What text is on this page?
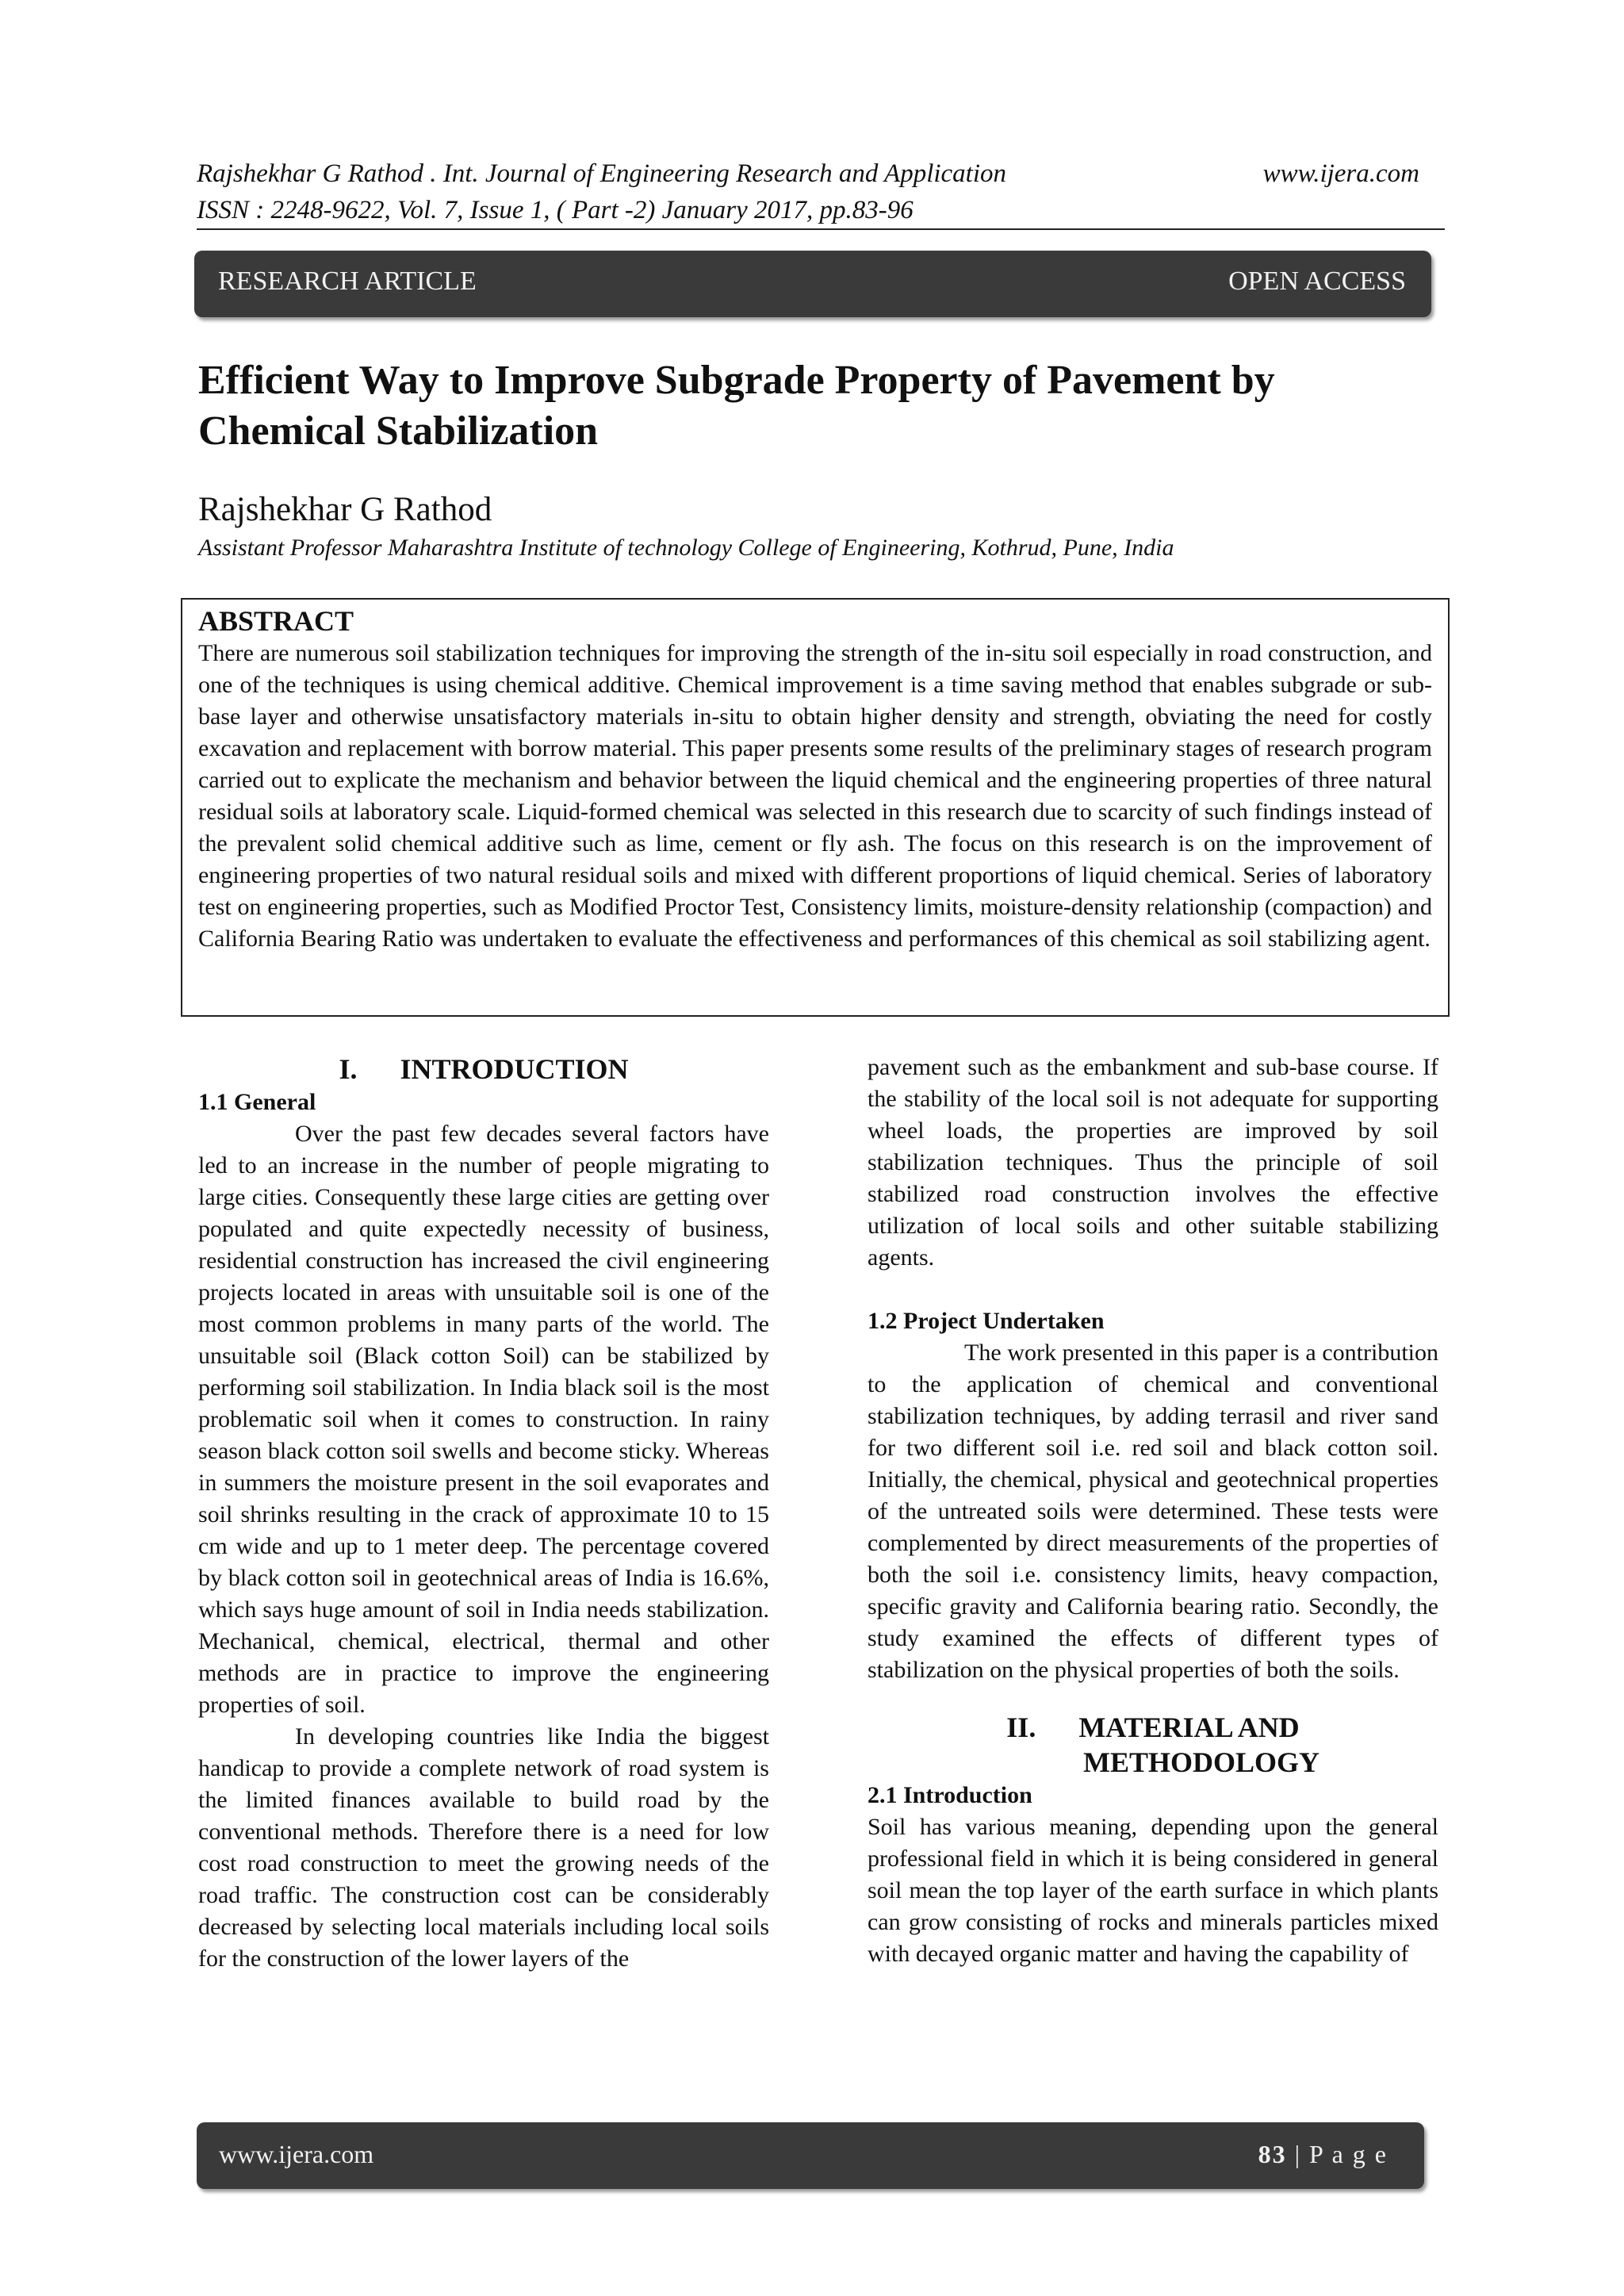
Rajshekhar G Rathod . Int. Journal of Engineering Research and Application
ISSN : 2248-9622, Vol. 7, Issue 1, ( Part -2) January 2017, pp.83-96
www.ijera.com
RESEARCH ARTICLE	OPEN ACCESS
Efficient Way to Improve Subgrade Property of Pavement by
Chemical Stabilization
Rajshekhar G Rathod
Assistant Professor Maharashtra Institute of technology College of Engineering, Kothrud, Pune, India
ABSTRACT

There are numerous soil stabilization techniques for improving the strength of the in-situ soil especially in road construction, and one of the techniques is using chemical additive. Chemical improvement is a time saving method that enables subgrade or sub-base layer and otherwise unsatisfactory materials in-situ to obtain higher density and strength, obviating the need for costly excavation and replacement with borrow material. This paper presents some results of the preliminary stages of research program carried out to explicate the mechanism and behavior between the liquid chemical and the engineering properties of three natural residual soils at laboratory scale. Liquid-formed chemical was selected in this research due to scarcity of such findings instead of the prevalent solid chemical additive such as lime, cement or fly ash. The focus on this research is on the improvement of engineering properties of two natural residual soils and mixed with different proportions of liquid chemical. Series of laboratory test on engineering properties, such as Modified Proctor Test, Consistency limits, moisture-density relationship (compaction) and California Bearing Ratio was undertaken to evaluate the effectiveness and performances of this chemical as soil stabilizing agent.

I.      INTRODUCTION

1.1 General

Over the past few decades several factors have led to an increase in the number of people migrating to large cities. Consequently these large cities are getting over populated and quite expectedly necessity of business, residential construction has increased the civil engineering projects located in areas with unsuitable soil is one of the most common problems in many parts of the world. The unsuitable soil (Black cotton Soil) can be stabilized by performing soil stabilization. In India black soil is the most problematic soil when it comes to construction. In rainy season black cotton soil swells and become sticky. Whereas in summers the moisture present in the soil evaporates and soil shrinks resulting in the crack of approximate 10 to 15 cm wide and up to 1 meter deep. The percentage covered by black cotton soil in geotechnical areas of India is 16.6%, which says huge amount of soil in India needs stabilization. Mechanical, chemical, electrical, thermal and other methods are in practice to improve the engineering properties of soil.

In developing countries like India the biggest handicap to provide a complete network of road system is the limited finances available to build road by the conventional methods. Therefore there is a need for low cost road construction to meet the growing needs of the road traffic. The construction cost can be considerably decreased by selecting local materials including local soils for the construction of the lower layers of the

pavement such as the embankment and sub-base course. If the stability of the local soil is not adequate for supporting wheel loads, the properties are improved by soil stabilization techniques. Thus the principle of soil stabilized road construction involves the effective utilization of local soils and other suitable stabilizing agents.

1.2 Project Undertaken

The work presented in this paper is a contribution to the application of chemical and conventional stabilization techniques, by adding terrasil and river sand for two different soil i.e. red soil and black cotton soil. Initially, the chemical, physical and geotechnical properties of the untreated soils were determined. These tests were complemented by direct measurements of the properties of both the soil i.e. consistency limits, heavy compaction, specific gravity and California bearing ratio. Secondly, the study examined the effects of different types of stabilization on the physical properties of both the soils.

II.      MATERIAL AND

METHODOLOGY

2.1 Introduction

Soil has various meaning, depending upon the general professional field in which it is being considered in general soil mean the top layer of the earth surface in which plants can grow consisting of rocks and minerals particles mixed with decayed organic matter and having the capability of

www.ijera.com	83 | P a g e
